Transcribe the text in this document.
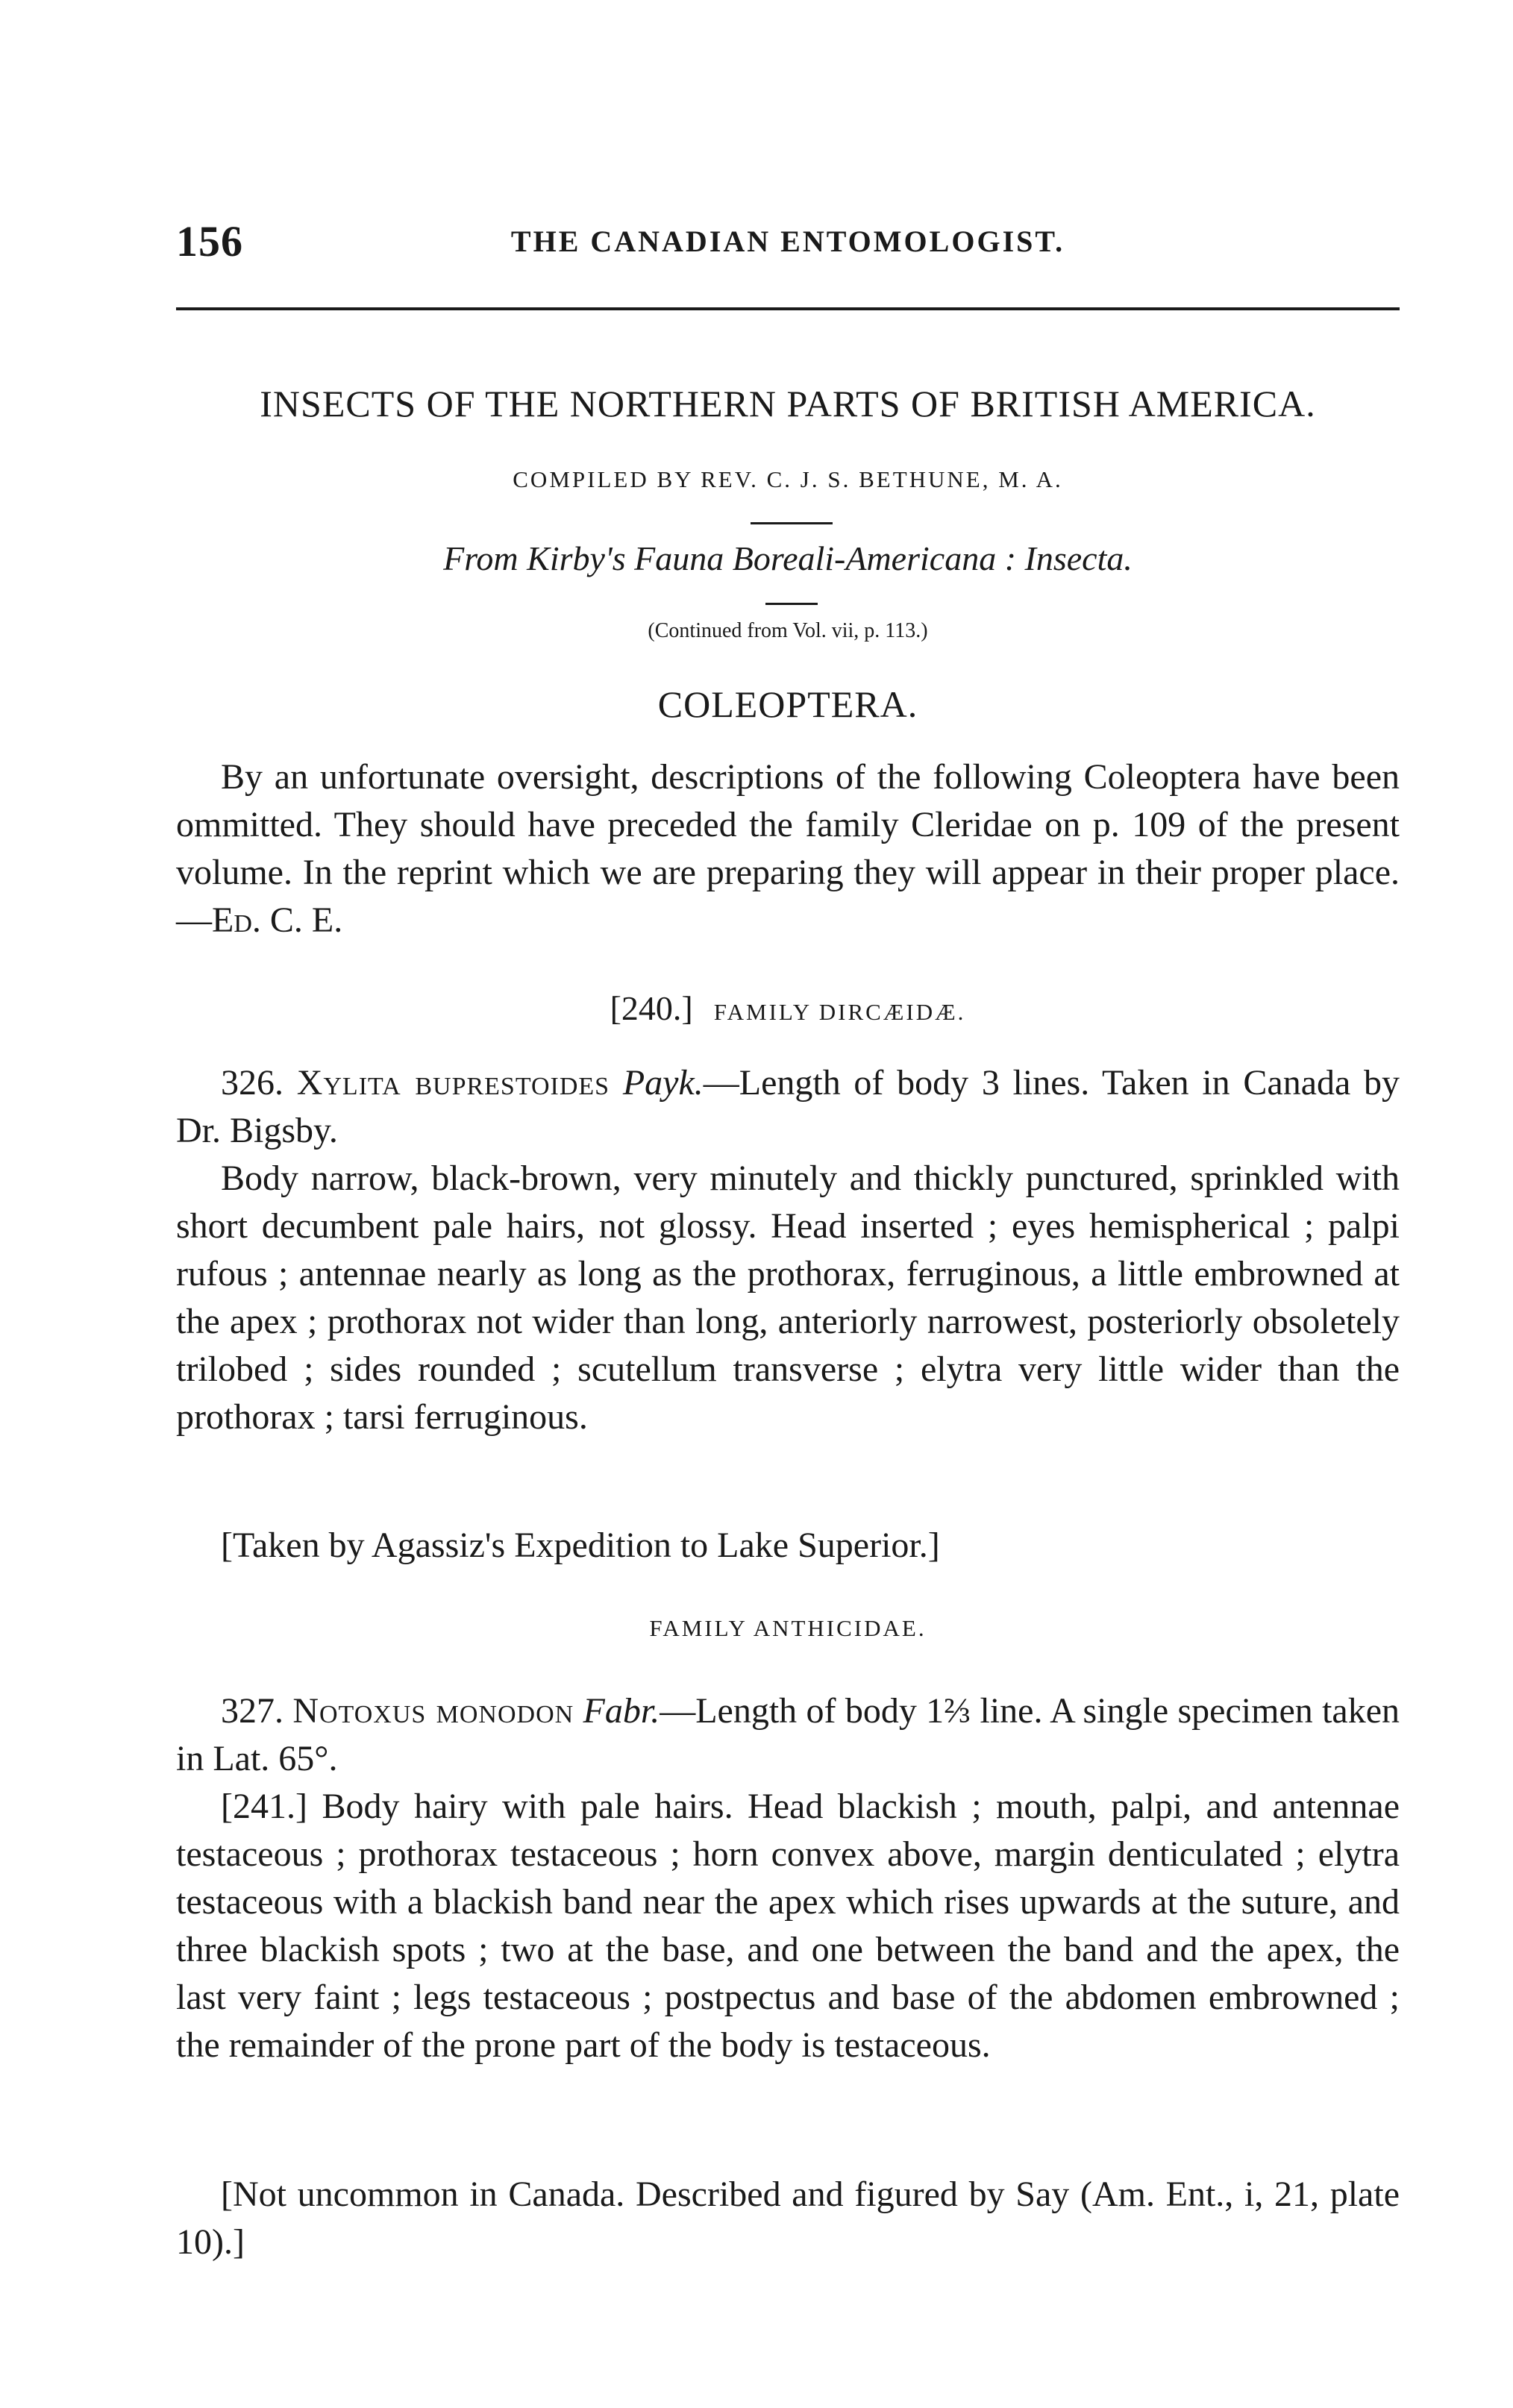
156	THE CANADIAN ENTOMOLOGIST.
INSECTS OF THE NORTHERN PARTS OF BRITISH AMERICA.
COMPILED BY REV. C. J. S. BETHUNE, M. A.
From Kirby's Fauna Boreali-Americana : Insecta.
(Continued from Vol. vii, p. 113.)
COLEOPTERA.

By an unfortunate oversight, descriptions of the following Coleoptera have been ommitted. They should have preceded the family Cleridae on p. 109 of the present volume. In the reprint which we are preparing they will appear in their proper place.—Ed. C. E.

[240.] FAMILY DIRCÆIDÆ.

326. Xylita buprestoides Payk.—Length of body 3 lines. Taken in Canada by Dr. Bigsby.

Body narrow, black-brown, very minutely and thickly punctured, sprinkled with short decumbent pale hairs, not glossy. Head inserted ; eyes hemispherical ; palpi rufous ; antennae nearly as long as the prothorax, ferruginous, a little embrowned at the apex ; prothorax not wider than long, anteriorly narrowest, posteriorly obsoletely trilobed ; sides rounded ; scutellum transverse ; elytra very little wider than the prothorax ; tarsi ferruginous.

[Taken by Agassiz's Expedition to Lake Superior.]

FAMILY ANTHICIDAE.

327. Notoxus monodon Fabr.—Length of body 1⅔ line. A single specimen taken in Lat. 65°.

[241.] Body hairy with pale hairs. Head blackish ; mouth, palpi, and antennae testaceous ; prothorax testaceous ; horn convex above, margin denticulated ; elytra testaceous with a blackish band near the apex which rises upwards at the suture, and three blackish spots ; two at the base, and one between the band and the apex, the last very faint ; legs testaceous ; postpectus and base of the abdomen embrowned ; the remainder of the prone part of the body is testaceous.

[Not uncommon in Canada. Described and figured by Say (Am. Ent., i, 21, plate 10).]
